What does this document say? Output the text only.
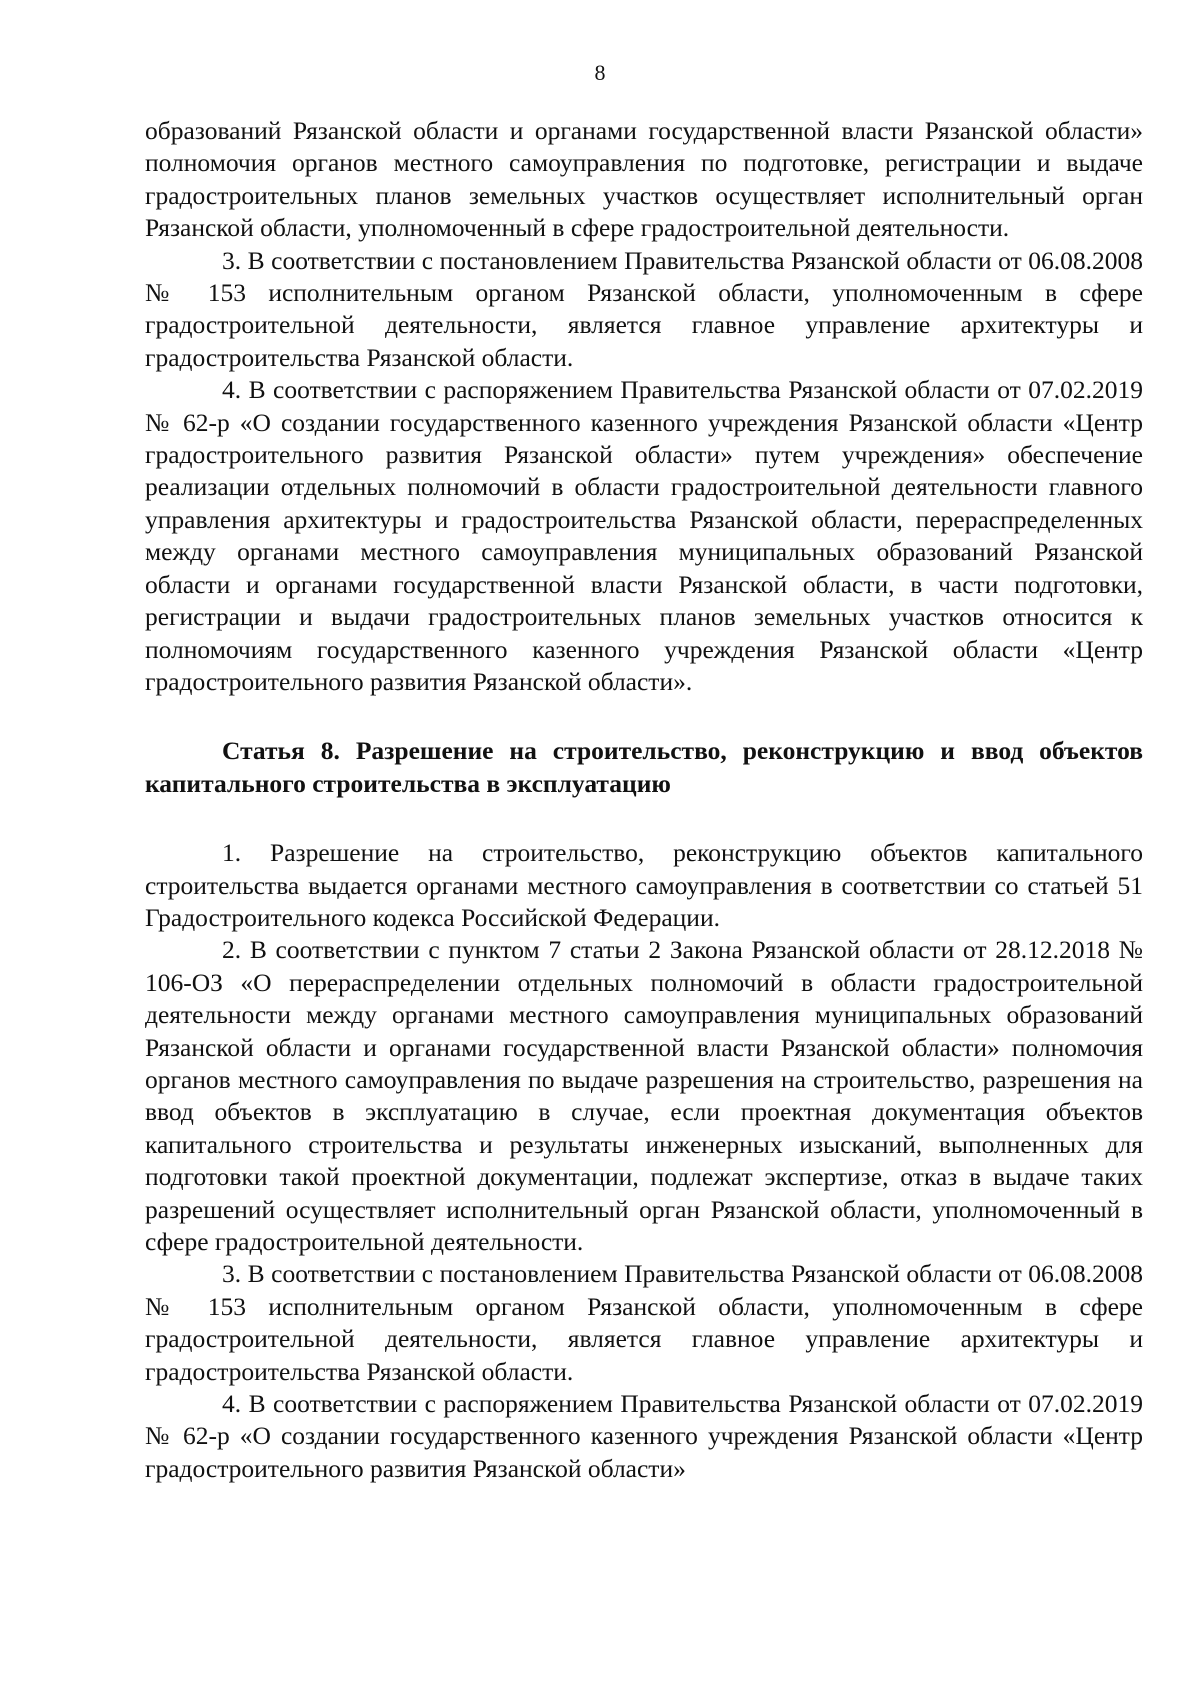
8

образований Рязанской области и органами государственной власти Рязанской области» полномочия органов местного самоуправления по подготовке, регистрации и выдаче градостроительных планов земельных участков осуществляет исполнительный орган Рязанской области, уполномоченный в сфере градостроительной деятельности.

3. В соответствии с постановлением Правительства Рязанской области от 06.08.2008 № 153 исполнительным органом Рязанской области, уполномоченным в сфере градостроительной деятельности, является главное управление архитектуры и градостроительства Рязанской области.

4. В соответствии с распоряжением Правительства Рязанской области от 07.02.2019 № 62-р «О создании государственного казенного учреждения Рязанской области «Центр градостроительного развития Рязанской области» путем учреждения» обеспечение реализации отдельных полномочий в области градостроительной деятельности главного управления архитектуры и градостроительства Рязанской области, перераспределенных между органами местного самоуправления муниципальных образований Рязанской области и органами государственной власти Рязанской области, в части подготовки, регистрации и выдачи градостроительных планов земельных участков относится к полномочиям государственного казенного учреждения Рязанской области «Центр градостроительного развития Рязанской области».

Статья 8. Разрешение на строительство, реконструкцию и ввод объектов капитального строительства в эксплуатацию

1. Разрешение на строительство, реконструкцию объектов капитального строительства выдается органами местного самоуправления в соответствии со статьей 51 Градостроительного кодекса Российской Федерации.

2. В соответствии с пунктом 7 статьи 2 Закона Рязанской области от 28.12.2018 № 106-ОЗ «О перераспределении отдельных полномочий в области градостроительной деятельности между органами местного самоуправления муниципальных образований Рязанской области и органами государственной власти Рязанской области» полномочия органов местного самоуправления по выдаче разрешения на строительство, разрешения на ввод объектов в эксплуатацию в случае, если проектная документация объектов капитального строительства и результаты инженерных изысканий, выполненных для подготовки такой проектной документации, подлежат экспертизе, отказ в выдаче таких разрешений осуществляет исполнительный орган Рязанской области, уполномоченный в сфере градостроительной деятельности.

3. В соответствии с постановлением Правительства Рязанской области от 06.08.2008 № 153 исполнительным органом Рязанской области, уполномоченным в сфере градостроительной деятельности, является главное управление архитектуры и градостроительства Рязанской области.

4. В соответствии с распоряжением Правительства Рязанской области от 07.02.2019 № 62-р «О создании государственного казенного учреждения Рязанской области «Центр градостроительного развития Рязанской области»
